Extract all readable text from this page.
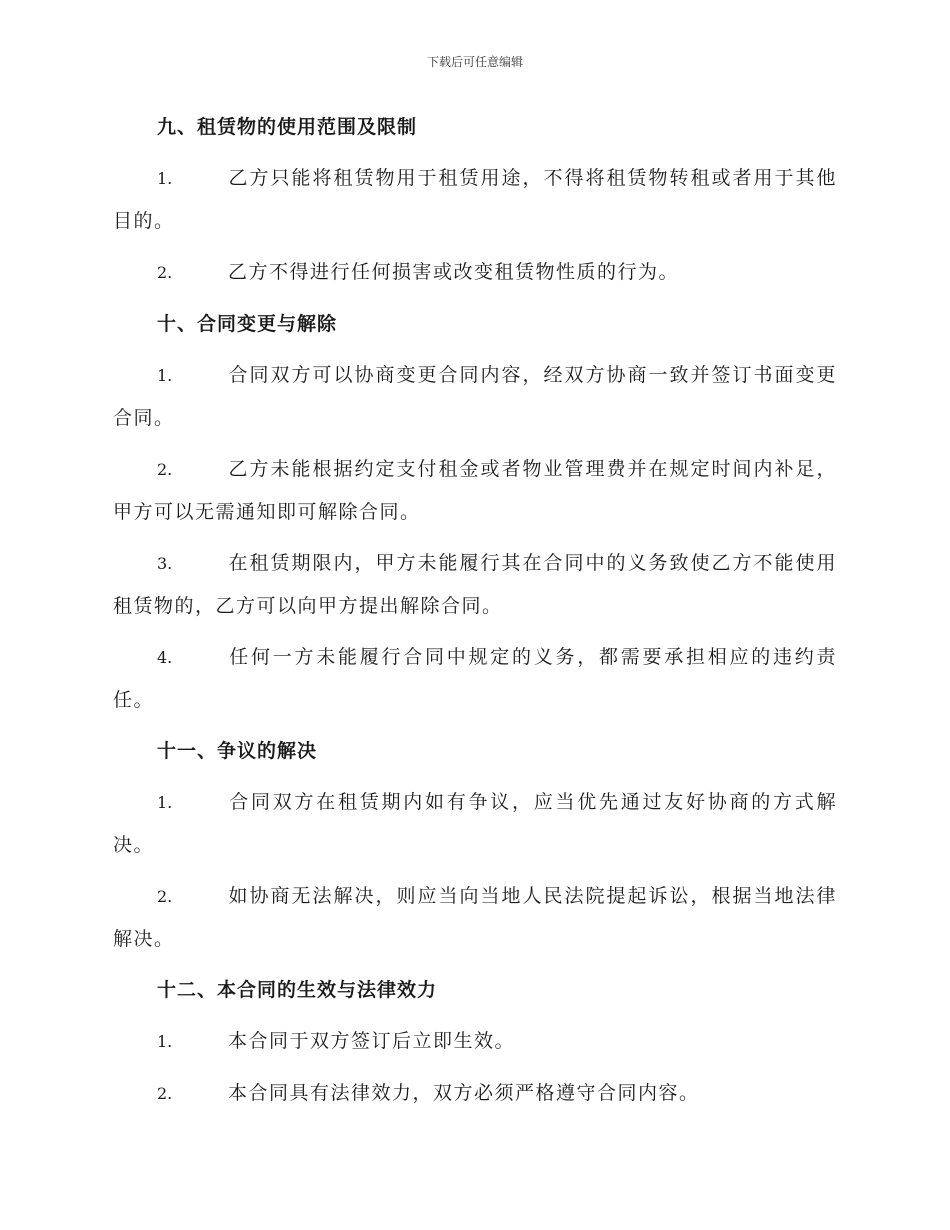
下载后可任意编辑
九、租赁物的使用范围及限制

1.	乙方只能将租赁物用于租赁用途，不得将租赁物转租或者用于其他目的。

2.	乙方不得进行任何损害或改变租赁物性质的行为。

十、合同变更与解除

1.	合同双方可以协商变更合同内容，经双方协商一致并签订书面变更合同。

2.	乙方未能根据约定支付租金或者物业管理费并在规定时间内补足，甲方可以无需通知即可解除合同。

3.	在租赁期限内，甲方未能履行其在合同中的义务致使乙方不能使用租赁物的，乙方可以向甲方提出解除合同。

4.	任何一方未能履行合同中规定的义务，都需要承担相应的违约责任。

十一、争议的解决

1.	合同双方在租赁期内如有争议，应当优先通过友好协商的方式解决。

2.	如协商无法解决，则应当向当地人民法院提起诉讼，根据当地法律解决。

十二、本合同的生效与法律效力

1.	本合同于双方签订后立即生效。

2.	本合同具有法律效力，双方必须严格遵守合同内容。
